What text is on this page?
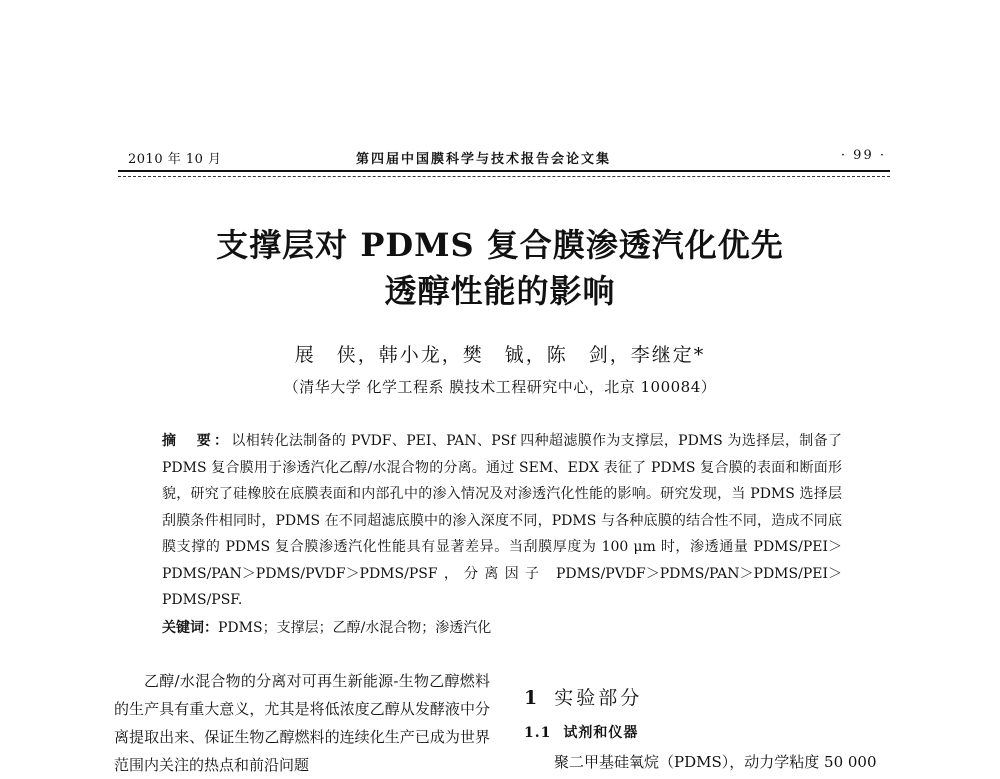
2010 年 10 月	第四届中国膜科学与技术报告会论文集	· 99 ·
支撑层对 PDMS 复合膜渗透汽化优先
透醇性能的影响
展　侠，韩小龙，樊　铖，陈　剑，李继定*
（清华大学 化学工程系 膜技术工程研究中心，北京 100084）

摘　要：以相转化法制备的 PVDF、PEI、PAN、PSf 四种超滤膜作为支撑层，PDMS 为选择层，制备了 PDMS 复合膜用于渗透汽化乙醇/水混合物的分离。通过 SEM、EDX 表征了 PDMS 复合膜的表面和断面形貌，研究了硅橡胶在底膜表面和内部孔中的渗入情况及对渗透汽化性能的影响。研究发现，当 PDMS 选择层刮膜条件相同时，PDMS 在不同超滤底膜中的渗入深度不同，PDMS 与各种底膜的结合性不同，造成不同底膜支撑的 PDMS 复合膜渗透汽化性能具有显著差异。当刮膜厚度为 100 μm 时，渗透通量 PDMS/PEI＞PDMS/PAN＞PDMS/PVDF＞PDMS/PSF，分离因子 PDMS/PVDF＞PDMS/PAN＞PDMS/PEI＞PDMS/PSF.

关键词：PDMS；支撑层；乙醇/水混合物；渗透汽化

乙醇/水混合物的分离对可再生新能源-生物乙醇燃料的生产具有重大意义，尤其是将低浓度乙醇从发酵液中分离提取出来、保证生物乙醇燃料的连续化生产已成为世界范围内关注的热点和前沿问题

1 实验部分
1.1 试剂和仪器
聚二甲基硅氧烷（PDMS），动力学粘度 50 000
